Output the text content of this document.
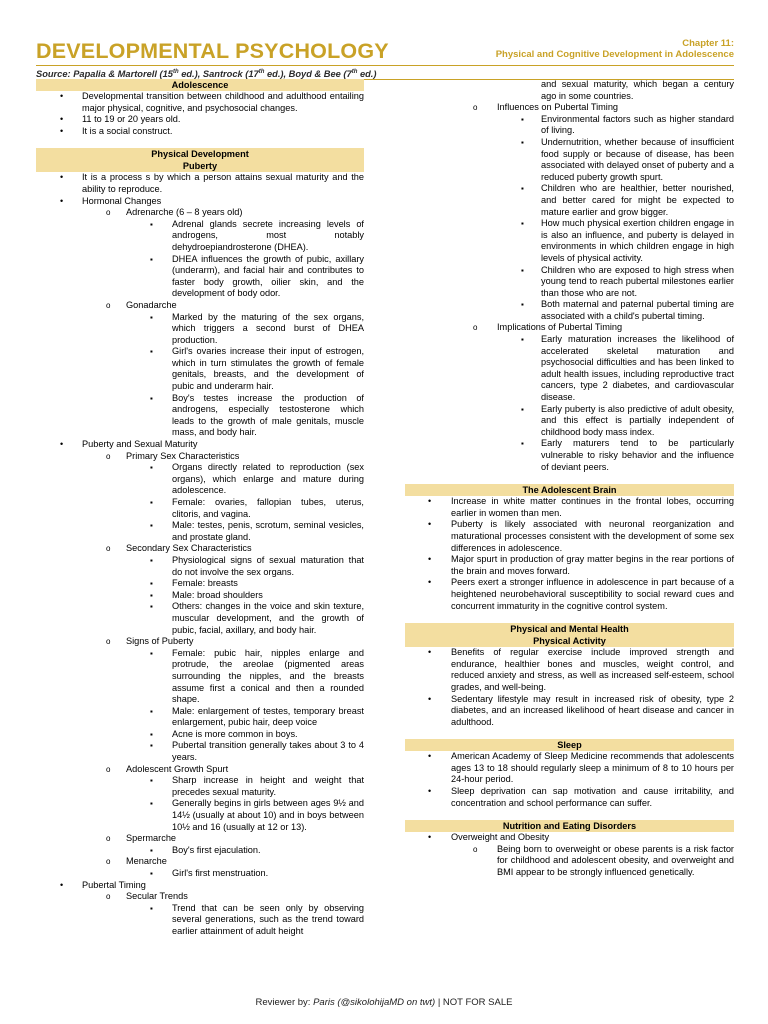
DEVELOPMENTAL PSYCHOLOGY	Chapter 11:
Physical and Cognitive Development in Adolescence
Source: Papalia & Martorell (15th ed.), Santrock (17th ed.), Boyd & Bee (7th ed.)
Adolescence
• Developmental transition between childhood and adulthood entailing major physical, cognitive, and psychosocial changes.
• 11 to 19 or 20 years old.
• It is a social construct.
Physical Development
Puberty
• It is a process s by which a person attains sexual maturity and the ability to reproduce.
• Hormonal Changes
o Adrenarche (6 – 8 years old)
▪ Adrenal glands secrete increasing levels of androgens, most notably dehydroepiandrosterone (DHEA).
▪ DHEA influences the growth of pubic, axillary (underarm), and facial hair and contributes to faster body growth, oilier skin, and the development of body odor.
o Gonadarche
▪ Marked by the maturing of the sex organs, which triggers a second burst of DHEA production.
▪ Girl's ovaries increase their input of estrogen, which in turn stimulates the growth of female genitals, breasts, and the development of pubic and underarm hair.
▪ Boy's testes increase the production of androgens, especially testosterone which leads to the growth of male genitals, muscle mass, and body hair.
• Puberty and Sexual Maturity
o Primary Sex Characteristics
▪ Organs directly related to reproduction (sex organs), which enlarge and mature during adolescence.
▪ Female: ovaries, fallopian tubes, uterus, clitoris, and vagina.
▪ Male: testes, penis, scrotum, seminal vesicles, and prostate gland.
o Secondary Sex Characteristics
▪ Physiological signs of sexual maturation that do not involve the sex organs.
▪ Female: breasts
▪ Male: broad shoulders
▪ Others: changes in the voice and skin texture, muscular development, and the growth of pubic, facial, axillary, and body hair.
o Signs of Puberty
▪ Female: pubic hair, nipples enlarge and protrude, the areolae (pigmented areas surrounding the nipples, and the breasts assume first a conical and then a rounded shape.
▪ Male: enlargement of testes, temporary breast enlargement, pubic hair, deep voice
▪ Acne is more common in boys.
▪ Pubertal transition generally takes about 3 to 4 years.
o Adolescent Growth Spurt
▪ Sharp increase in height and weight that precedes sexual maturity.
▪ Generally begins in girls between ages 9½ and 14½ (usually at about 10) and in boys between 10½ and 16 (usually at 12 or 13).
o Spermarche
▪ Boy's first ejaculation.
o Menarche
▪ Girl's first menstruation.
• Pubertal Timing
o Secular Trends
▪ Trend that can be seen only by observing several generations, such as the trend toward earlier attainment of adult height
and sexual maturity, which began a century ago in some countries.
o Influences on Pubertal Timing
▪ Environmental factors such as higher standard of living.
▪ Undernutrition, whether because of insufficient food supply or because of disease, has been associated with delayed onset of puberty and a reduced puberty growth spurt.
▪ Children who are healthier, better nourished, and better cared for might be expected to mature earlier and grow bigger.
▪ How much physical exertion children engage in is also an influence, and puberty is delayed in environments in which children engage in high levels of physical activity.
▪ Children who are exposed to high stress when young tend to reach pubertal milestones earlier than those who are not.
▪ Both maternal and paternal pubertal timing are associated with a child's pubertal timing.
o Implications of Pubertal Timing
▪ Early maturation increases the likelihood of accelerated skeletal maturation and psychosocial difficulties and has been linked to adult health issues, including reproductive tract cancers, type 2 diabetes, and cardiovascular disease.
▪ Early puberty is also predictive of adult obesity, and this effect is partially independent of childhood body mass index.
▪ Early maturers tend to be particularly vulnerable to risky behavior and the influence of deviant peers.
The Adolescent Brain
• Increase in white matter continues in the frontal lobes, occurring earlier in women than men.
• Puberty is likely associated with neuronal reorganization and maturational processes consistent with the development of some sex differences in adolescence.
• Major spurt in production of gray matter begins in the rear portions of the brain and moves forward.
• Peers exert a stronger influence in adolescence in part because of a heightened neurobehavioral susceptibility to social reward cues and concurrent immaturity in the cognitive control system.
Physical and Mental Health
Physical Activity
• Benefits of regular exercise include improved strength and endurance, healthier bones and muscles, weight control, and reduced anxiety and stress, as well as increased self-esteem, school grades, and well-being.
• Sedentary lifestyle may result in increased risk of obesity, type 2 diabetes, and an increased likelihood of heart disease and cancer in adulthood.
Sleep
• American Academy of Sleep Medicine recommends that adolescents ages 13 to 18 should regularly sleep a minimum of 8 to 10 hours per 24-hour period.
• Sleep deprivation can sap motivation and cause irritability, and concentration and school performance can suffer.
Nutrition and Eating Disorders
• Overweight and Obesity
o Being born to overweight or obese parents is a risk factor for childhood and adolescent obesity, and overweight and BMI appear to be strongly influenced genetically.
Reviewer by: Paris (@sikolohijaMD on twt) | NOT FOR SALE
